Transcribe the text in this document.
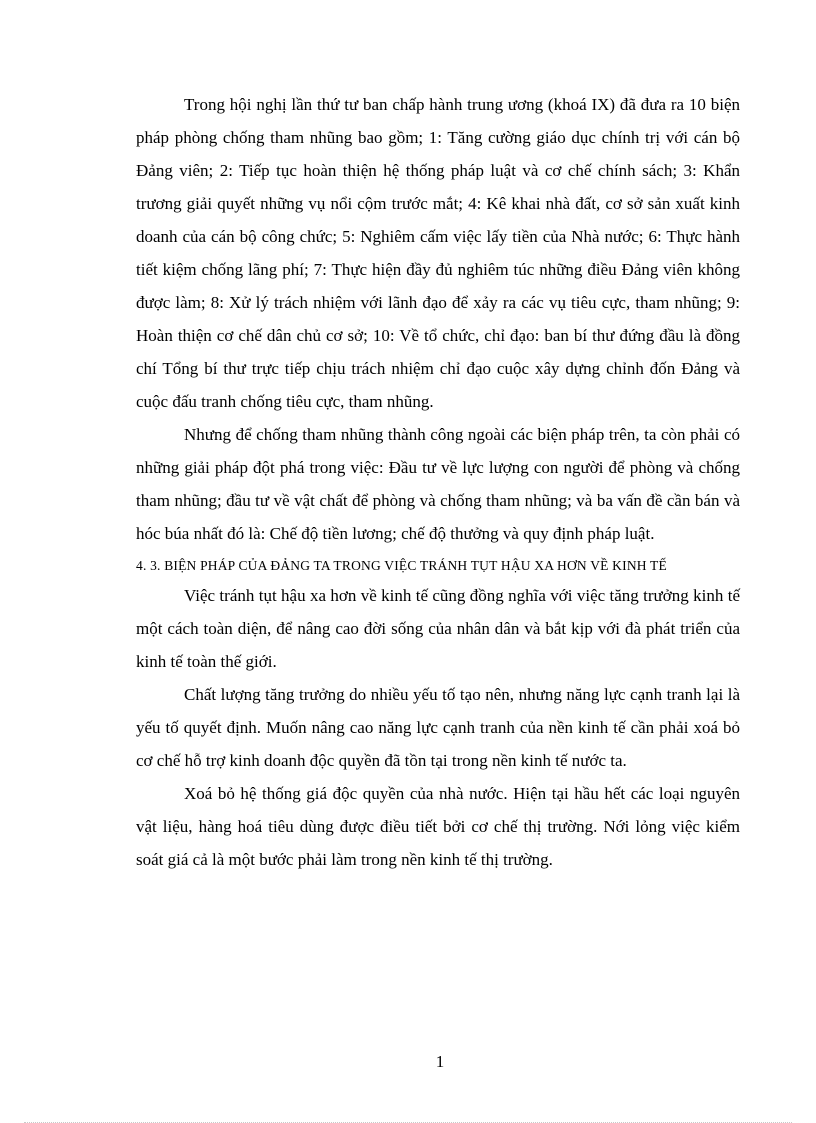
Trong hội nghị lần thứ tư ban chấp hành trung ương (khoá IX) đã đưa ra 10 biện pháp phòng chống tham nhũng bao gồm; 1: Tăng cường giáo dục chính trị với cán bộ Đảng viên; 2: Tiếp tục hoàn thiện hệ thống pháp luật và cơ chế chính sách; 3: Khẩn trương giải quyết những vụ nổi cộm trước mắt; 4: Kê khai nhà đất, cơ sở sản xuất kinh doanh của cán bộ công chức; 5: Nghiêm cấm việc lấy tiền của Nhà nước; 6: Thực hành tiết kiệm chống lãng phí; 7: Thực hiện đầy đủ nghiêm túc những điều Đảng viên không được làm; 8: Xử lý trách nhiệm với lãnh đạo để xảy ra các vụ tiêu cực, tham nhũng; 9: Hoàn thiện cơ chế dân chủ cơ sở; 10: Về tổ chức, chỉ đạo: ban bí thư đứng đầu là đồng chí Tổng bí thư trực tiếp chịu trách nhiệm chỉ đạo cuộc xây dựng chỉnh đốn Đảng và cuộc đấu tranh chống tiêu cực, tham nhũng.

Nhưng để chống tham nhũng thành công ngoài các biện pháp trên, ta còn phải có những giải pháp đột phá trong việc: Đầu tư về lực lượng con người để phòng và chống tham nhũng; đầu tư về vật chất để phòng và chống tham nhũng; và ba vấn đề cần bán và hóc búa nhất đó là: Chế độ tiền lương; chế độ thưởng và quy định pháp luật.

4. 3. BIỆN PHÁP CỦA ĐẢNG TA TRONG VIỆC TRÁNH TỤT HẬU XA HƠN VỀ KINH TẾ

Việc tránh tụt hậu xa hơn về kinh tế cũng đồng nghĩa với việc tăng trưởng kinh tế một cách toàn diện, để nâng cao đời sống của nhân dân và bắt kịp với đà phát triển của kinh tế toàn thế giới.

Chất lượng tăng trưởng do nhiều yếu tố tạo nên, nhưng năng lực cạnh tranh lại là yếu tố quyết định. Muốn nâng cao năng lực cạnh tranh của nền kinh tế cần phải xoá bỏ cơ chế hỗ trợ kinh doanh độc quyền đã tồn tại trong nền kinh tế nước ta.

Xoá bỏ hệ thống giá độc quyền của nhà nước. Hiện tại hầu hết các loại nguyên vật liệu, hàng hoá tiêu dùng được điều tiết bởi cơ chế thị trường. Nới lỏng việc kiểm soát giá cả là một bước phải làm trong nền kinh tế thị trường.

1
